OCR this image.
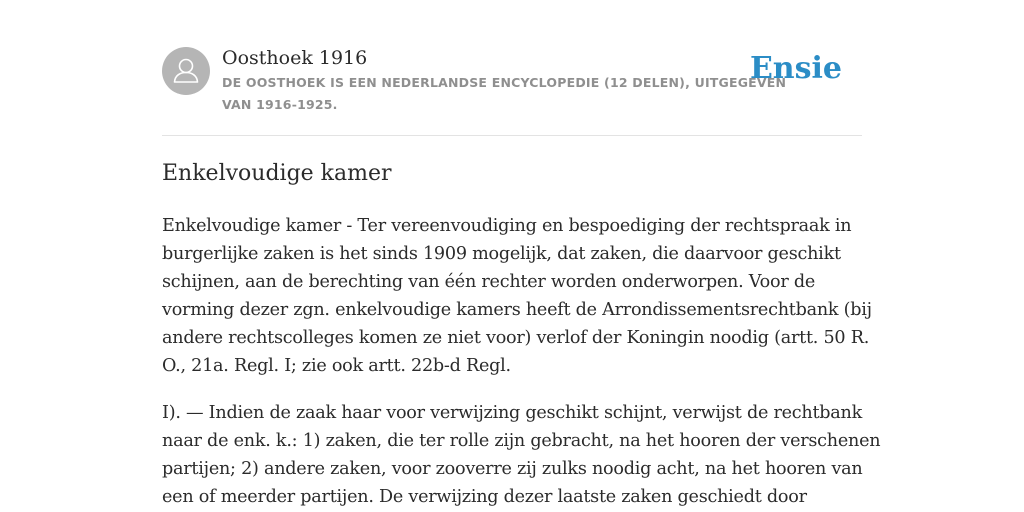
Oosthoek 1916
DE OOSTHOEK IS EEN NEDERLANDSE ENCYCLOPEDIE (12 DELEN), UITGEGEVEN
VAN 1916-1925.
Ensie
Enkelvoudige kamer

Enkelvoudige kamer - Ter vereenvoudiging en bespoediging der rechtspraak in
burgerlijke zaken is het sinds 1909 mogelijk, dat zaken, die daarvoor geschikt
schijnen, aan de berechting van één rechter worden onderworpen. Voor de
vorming dezer zgn. enkelvoudige kamers heeft de Arrondissementsrechtbank (bij
andere rechtscolleges komen ze niet voor) verlof der Koningin noodig (artt. 50 R.
O., 21a. Regl. I; zie ook artt. 22b-d Regl.

I). — Indien de zaak haar voor verwijzing geschikt schijnt, verwijst de rechtbank
naar de enk. k.: 1) zaken, die ter rolle zijn gebracht, na het hooren der verschenen
partijen; 2) andere zaken, voor zooverre zij zulks noodig acht, na het hooren van
een of meerder partijen. De verwijzing dezer laatste zaken geschiedt door
